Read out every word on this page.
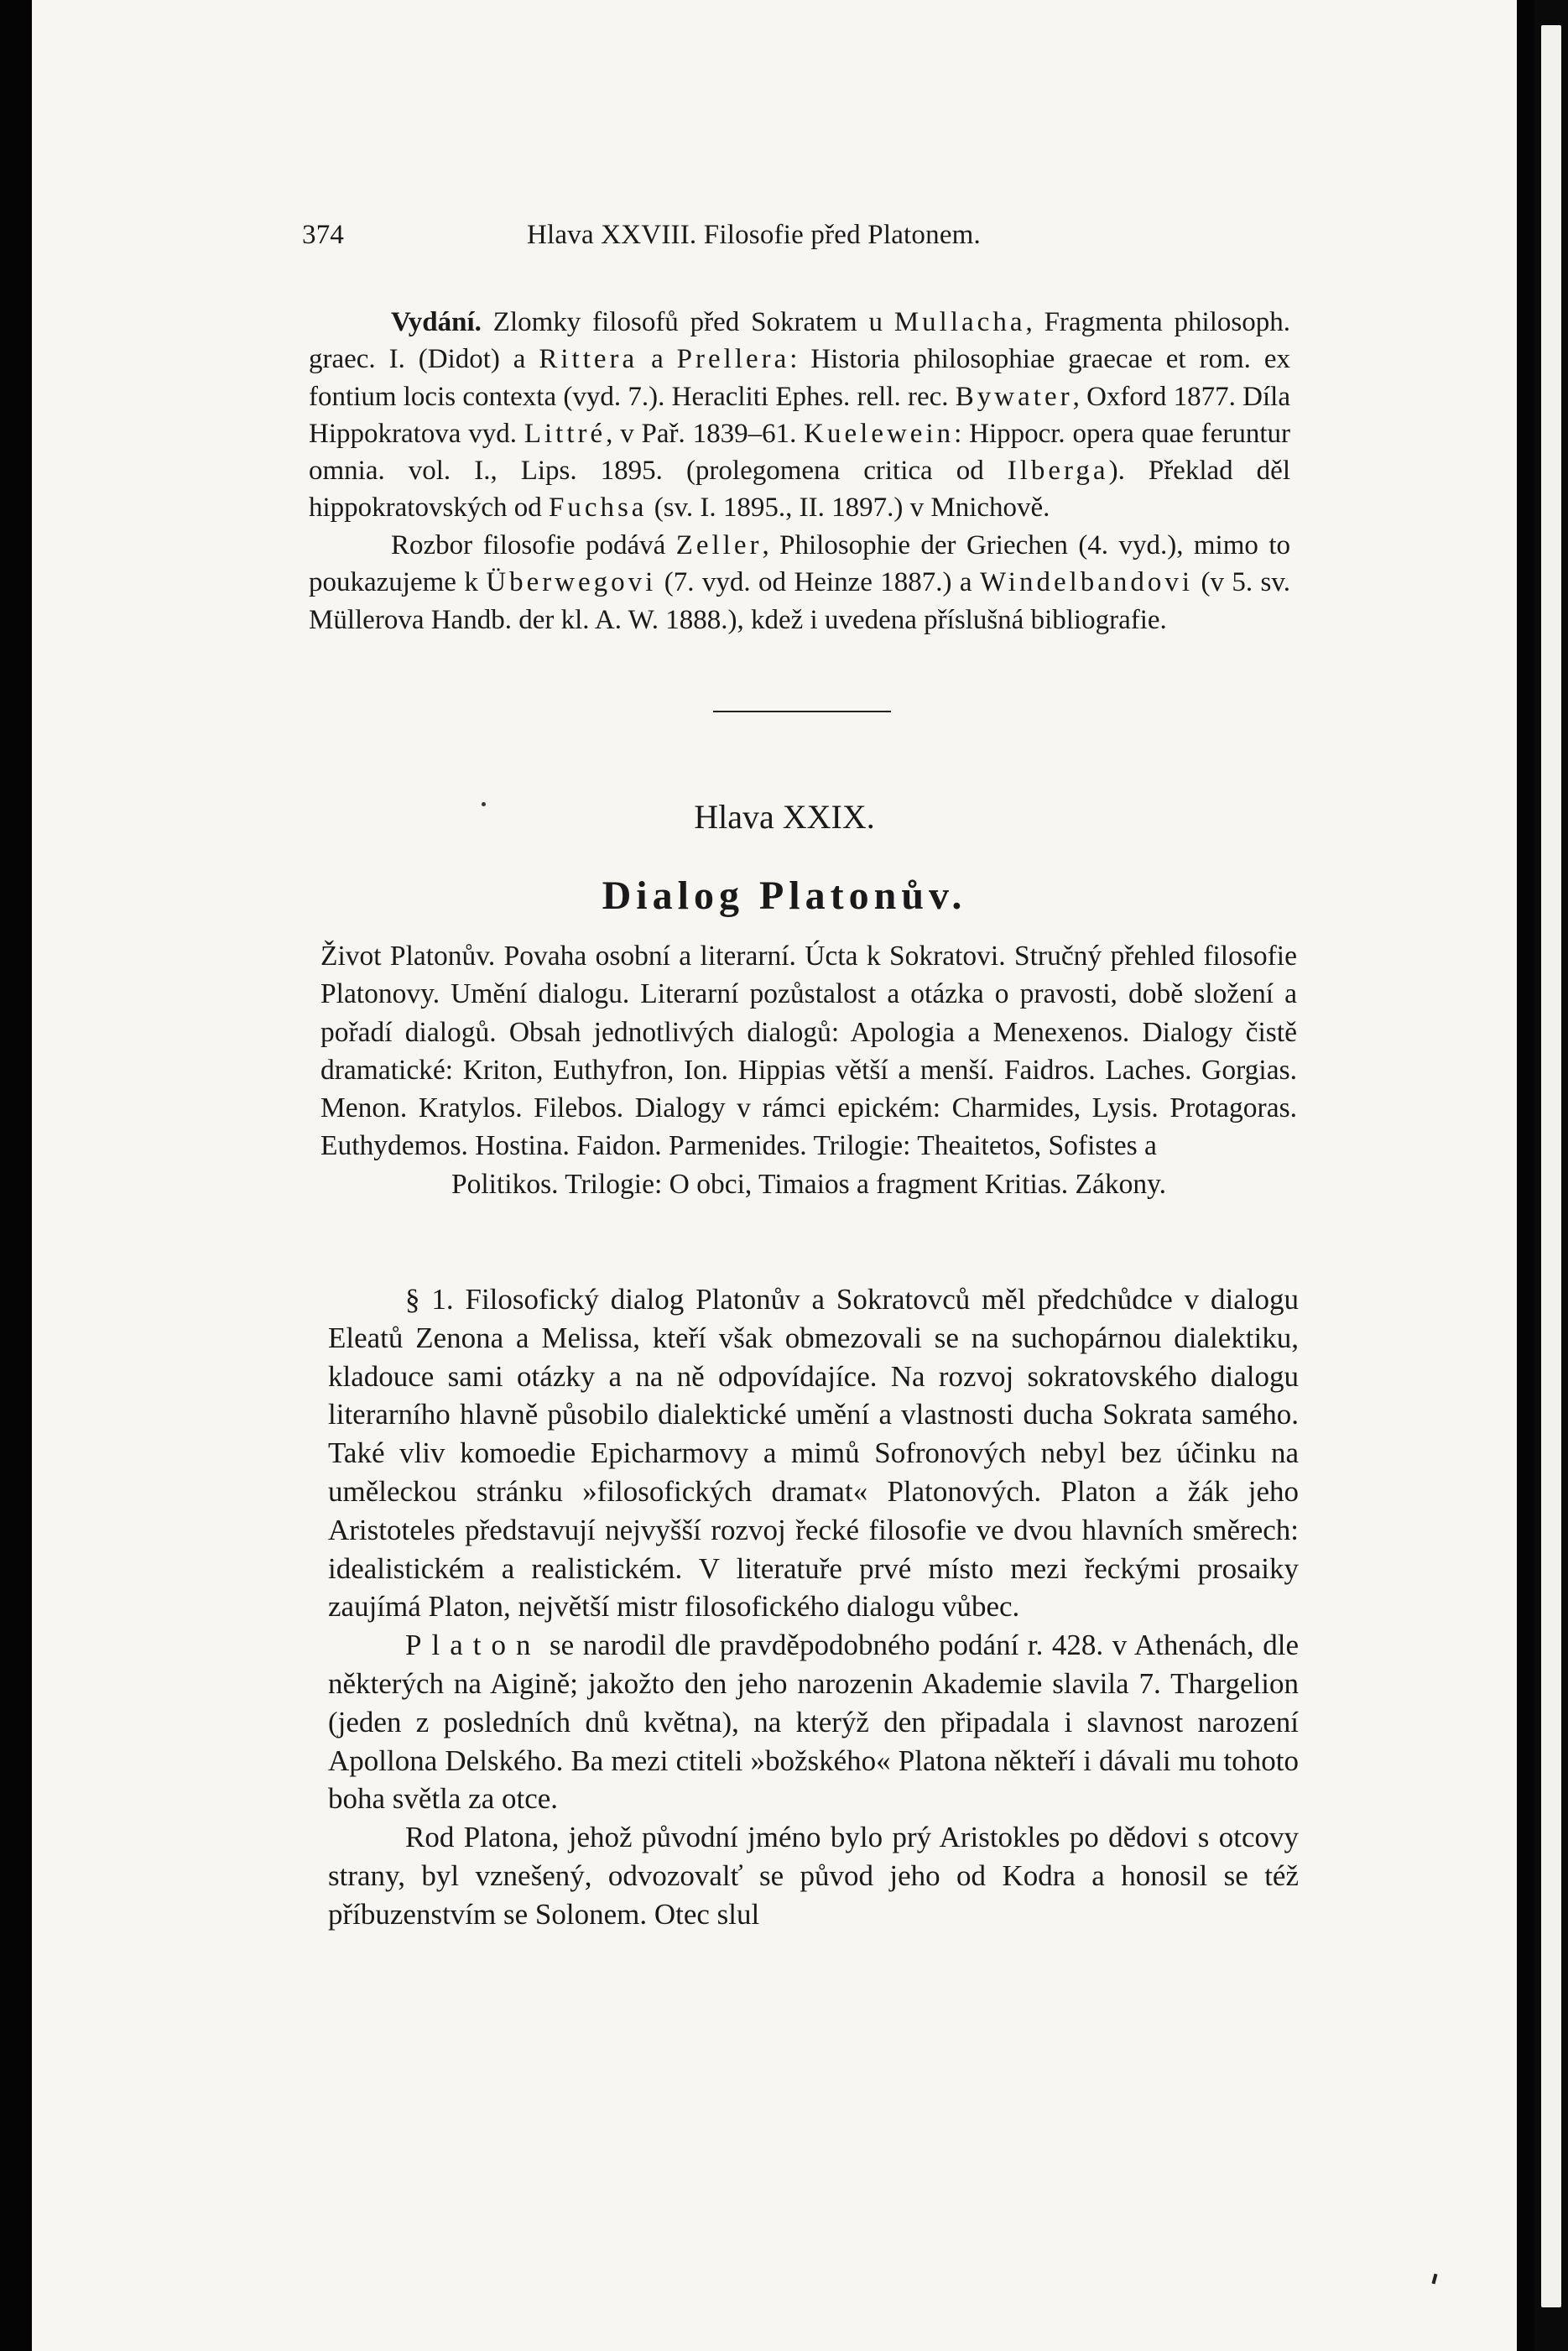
374	Hlava XXVIII. Filosofie před Platonem.

Vydání. Zlomky filosofů před Sokratem u Mullacha, Fragmenta philosoph. graec. I. (Didot) a Rittera a Prellera: Historia philosophiae graecae et rom. ex fontium locis contexta (vyd. 7.). Heracliti Ephes. rell. rec. Bywater, Oxford 1877. Díla Hippokratova vyd. Littré, v Pař. 1839–61. Kuelewein: Hippocr. opera quae feruntur omnia. vol. I., Lips. 1895. (prolegomena critica od Ilberga). Překlad děl hippokratovských od Fuchsa (sv. I. 1895., II. 1897.) v Mnichově.

Rozbor filosofie podává Zeller, Philosophie der Griechen (4. vyd.), mimo to poukazujeme k Überwegovi (7. vyd. od Heinze 1887.) a Windelbandovi (v 5. sv. Müllerova Handb. der kl. A. W. 1888.), kdež i uvedena příslušná bibliografie.

Hlava XXIX.
Dialog Platonův.
Život Platonův. Povaha osobní a literarní. Úcta k Sokratovi. Stručný přehled filosofie Platonovy. Umění dialogu. Literarní pozůstalost a otázka o pravosti, době složení a pořadí dialogů. Obsah jednotlivých dialogů: Apologia a Menexenos. Dialogy čistě dramatické: Kriton, Euthyfron, Ion. Hippias větší a menší. Faidros. Laches. Gorgias. Menon. Kratylos. Filebos. Dialogy v rámci epickém: Charmides, Lysis. Protagoras. Euthydemos. Hostina. Faidon. Parmenides. Trilogie: Theaitetos, Sofistes a
Politikos. Trilogie: O obci, Timaios a fragment Kritias. Zákony.

§ 1. Filosofický dialog Platonův a Sokratovců měl předchůdce v dialogu Eleatů Zenona a Melissa, kteří však obmezovali se na suchopárnou dialektiku, kladouce sami otázky a na ně odpovídajíce. Na rozvoj sokratovského dialogu literarního hlavně působilo dialektické umění a vlastnosti ducha Sokrata samého. Také vliv komoedie Epicharmovy a mimů Sofronových nebyl bez účinku na uměleckou stránku »filosofických dramat« Platonových. Platon a žák jeho Aristoteles představují nejvyšší rozvoj řecké filosofie ve dvou hlavních směrech: idealistickém a realistickém. V literatuře prvé místo mezi řeckými prosaiky zaujímá Platon, největší mistr filosofického dialogu vůbec.

Platon se narodil dle pravděpodobného podání r. 428. v Athenách, dle některých na Aigině; jakožto den jeho narozenin Akademie slavila 7. Thargelion (jeden z posledních dnů května), na kterýž den připadala i slavnost narození Apollona Delského. Ba mezi ctiteli »božského« Platona někteří i dávali mu tohoto boha světla za otce.

Rod Platona, jehož původní jméno bylo prý Aristokles po dědovi s otcovy strany, byl vznešený, odvozovalť se původ jeho od Kodra a honosil se též příbuzenstvím se Solonem. Otec slul
